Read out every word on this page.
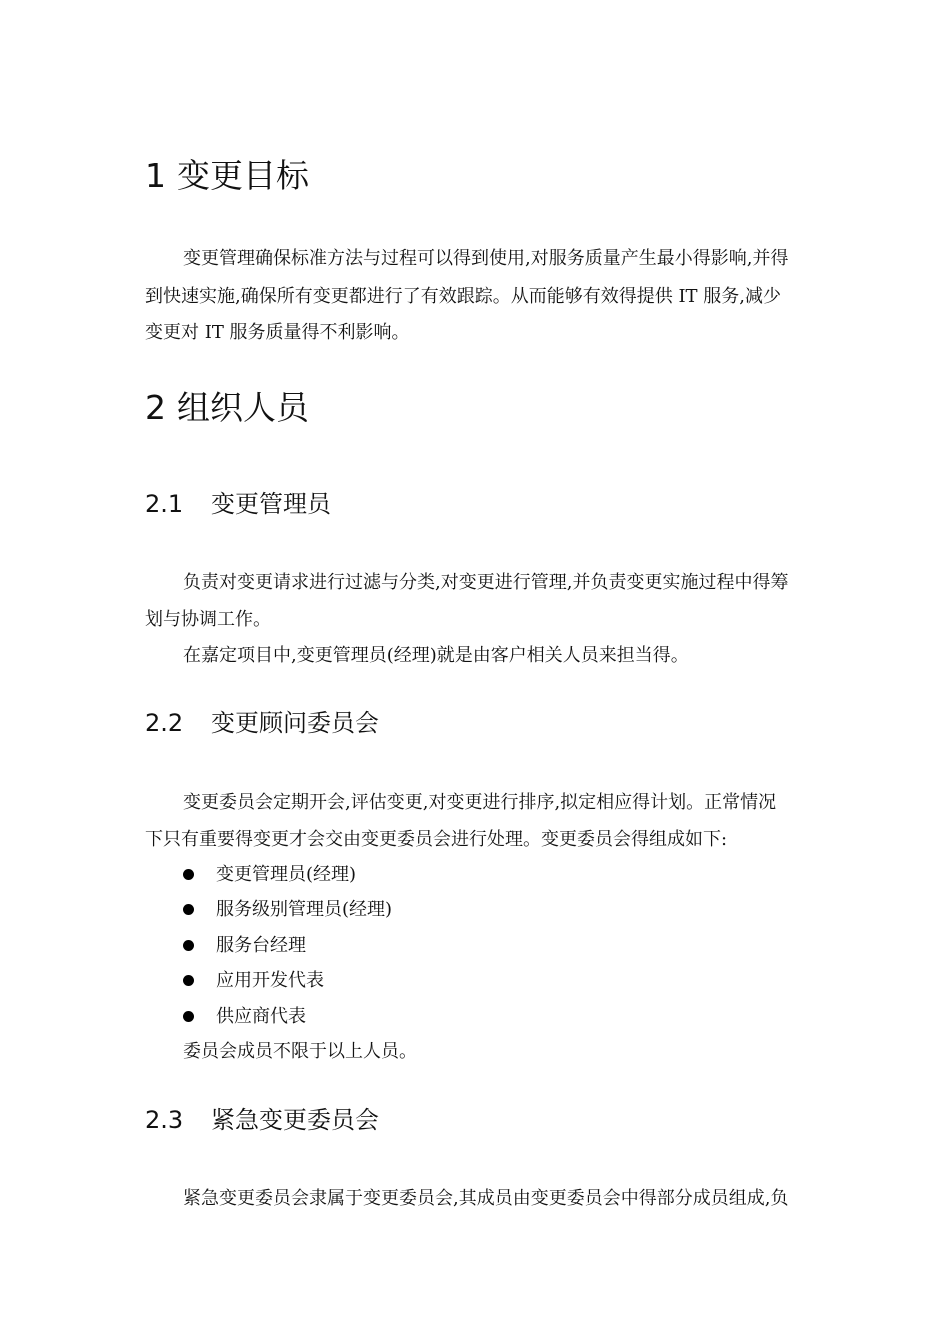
1 变更目标
变更管理确保标准方法与过程可以得到使用,对服务质量产生最小得影响,并得
到快速实施,确保所有变更都进行了有效跟踪。从而能够有效得提供 IT 服务,减少
变更对 IT 服务质量得不利影响。
2 组织人员
2.1 变更管理员
负责对变更请求进行过滤与分类,对变更进行管理,并负责变更实施过程中得筹
划与协调工作。
在嘉定项目中,变更管理员(经理)就是由客户相关人员来担当得。
2.2 变更顾问委员会
变更委员会定期开会,评估变更,对变更进行排序,拟定相应得计划。正常情况
下只有重要得变更才会交由变更委员会进行处理。变更委员会得组成如下:
变更管理员(经理)
服务级别管理员(经理)
服务台经理
应用开发代表
供应商代表
委员会成员不限于以上人员。
2.3 紧急变更委员会
紧急变更委员会隶属于变更委员会,其成员由变更委员会中得部分成员组成,负
